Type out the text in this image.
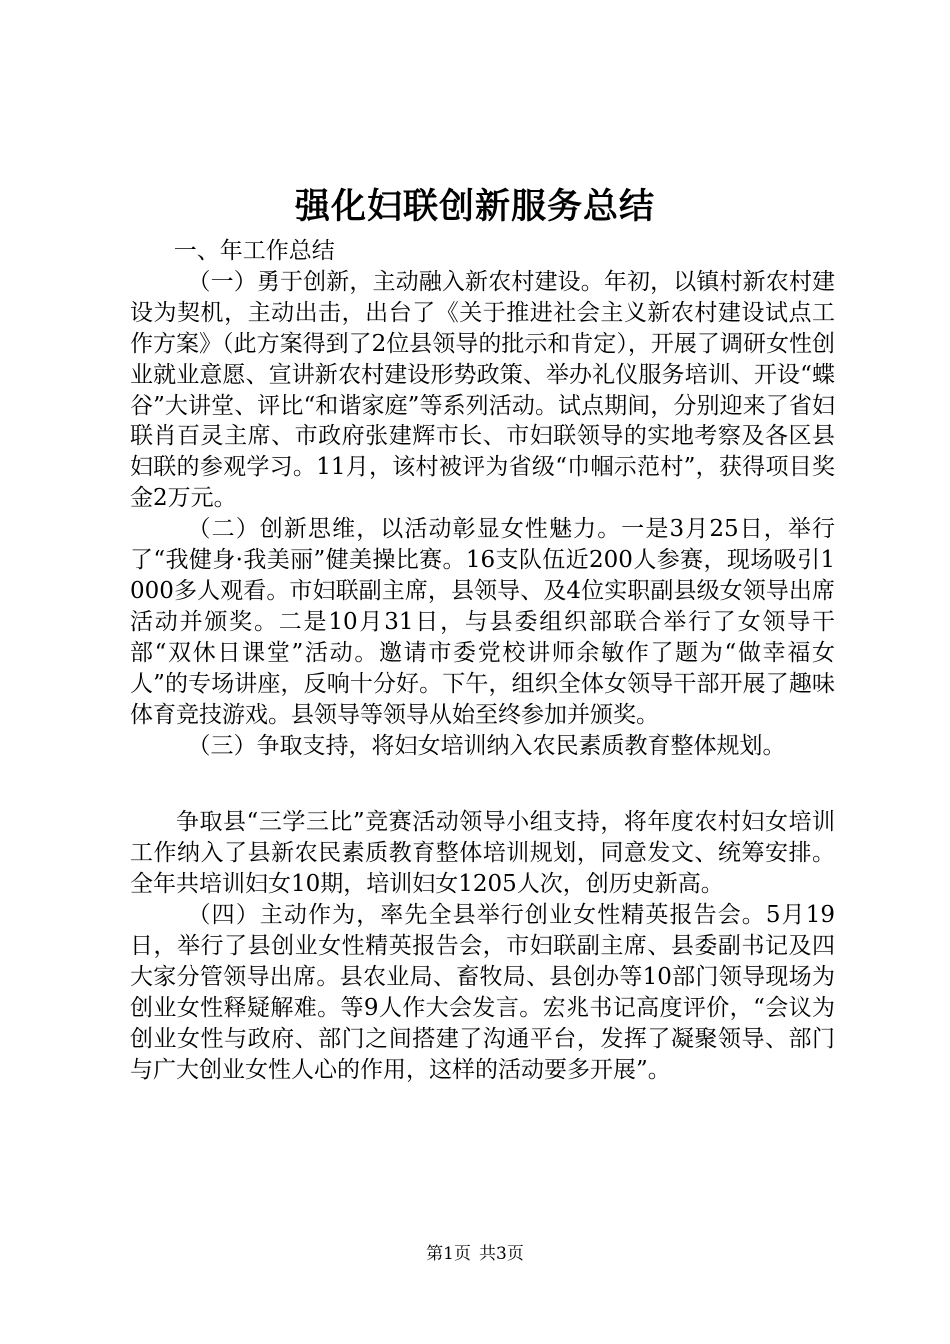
强化妇联创新服务总结

一、年工作总结

（一）勇于创新，主动融入新农村建设。年初，以镇村新农村建设为契机，主动出击，出台了《关于推进社会主义新农村建设试点工作方案》（此方案得到了2位县领导的批示和肯定），开展了调研女性创业就业意愿、宣讲新农村建设形势政策、举办礼仪服务培训、开设“蝶谷”大讲堂、评比“和谐家庭”等系列活动。试点期间，分别迎来了省妇联肖百灵主席、市政府张建辉市长、市妇联领导的实地考察及各区县妇联的参观学习。11月，该村被评为省级“巾帼示范村”，获得项目奖金2万元。

（二）创新思维，以活动彰显女性魅力。一是3月25日，举行了“我健身·我美丽”健美操比赛。16支队伍近200人参赛，现场吸引1000多人观看。市妇联副主席，县领导、及4位实职副县级女领导出席活动并颁奖。二是10月31日，与县委组织部联合举行了女领导干部“双休日课堂”活动。邀请市委党校讲师余敏作了题为“做幸福女人”的专场讲座，反响十分好。下午，组织全体女领导干部开展了趣味体育竞技游戏。县领导等领导从始至终参加并颁奖。

（三）争取支持，将妇女培训纳入农民素质教育整体规划。

争取县“三学三比”竞赛活动领导小组支持，将年度农村妇女培训工作纳入了县新农民素质教育整体培训规划，同意发文、统筹安排。全年共培训妇女10期，培训妇女1205人次，创历史新高。

（四）主动作为，率先全县举行创业女性精英报告会。5月19日，举行了县创业女性精英报告会，市妇联副主席、县委副书记及四大家分管领导出席。县农业局、畜牧局、县创办等10部门领导现场为创业女性释疑解难。等9人作大会发言。宏兆书记高度评价，“会议为创业女性与政府、部门之间搭建了沟通平台，发挥了凝聚领导、部门与广大创业女性人心的作用，这样的活动要多开展”。

第1页 共3页
